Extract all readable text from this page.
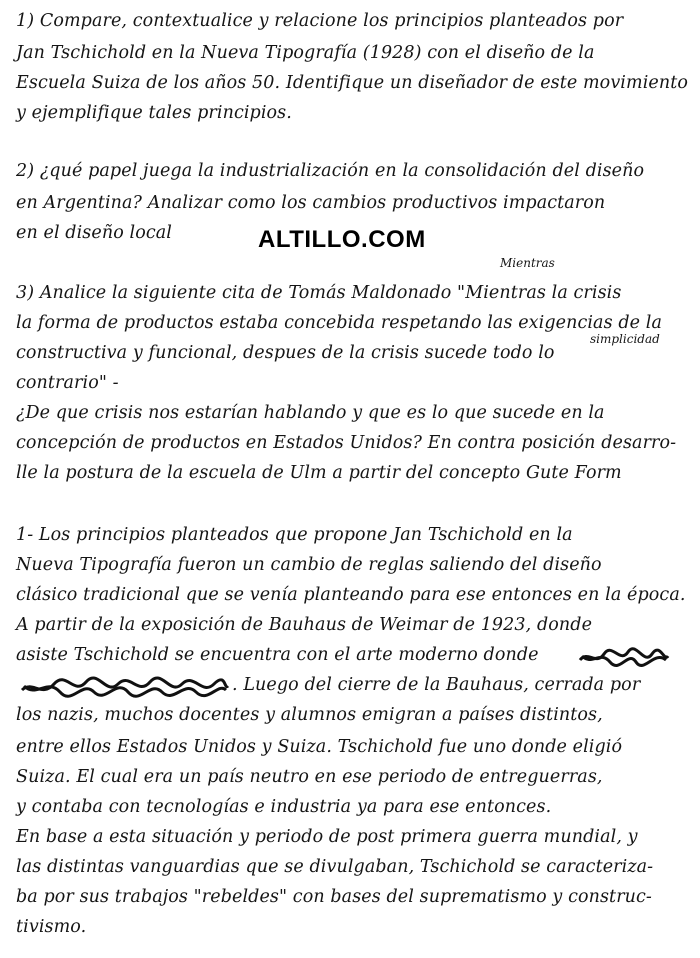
1) Compare, contextualice y relacione los principios planteados por
Jan Tschichold en la Nueva Tipografía (1928) con el diseño de la
Escuela Suiza de los años 50. Identifique un diseñador de este movimiento
y ejemplifique tales principios.
2) ¿qué papel juega la industrialización en la consolidación del diseño
en Argentina? Analizar como los cambios productivos impactaron
en el diseño local	ALTILLO.COM
Mientras
3) Analice la siguiente cita de Tomás Maldonado "Mientras la crisis
simplicidad
la forma de productos estaba concebida respetando las exigencias de la
constructiva y funcional, despues de la crisis sucede todo lo
contrario" -
¿De que crisis nos estarían hablando y que es lo que sucede en la
concepción de productos en Estados Unidos? En contra posición desarro-
lle la postura de la escuela de Ulm a partir del concepto Gute Form
1- Los principios planteados que propone Jan Tschichold en la
Nueva Tipografía fueron un cambio de reglas saliendo del diseño
clásico tradicional que se venía planteando para ese entonces en la época.
A partir de la exposición de Bauhaus de Weimar de 1923, donde
asiste Tschichold se encuentra con el arte moderno donde
. Luego del cierre de la Bauhaus, cerrada por
los nazis, muchos docentes y alumnos emigran a países distintos,
entre ellos Estados Unidos y Suiza. Tschichold fue uno donde eligió
Suiza. El cual era un país neutro en ese periodo de entreguerras,
y contaba con tecnologías e industria ya para ese entonces.
En base a esta situación y periodo de post primera guerra mundial, y
las distintas vanguardias que se divulgaban, Tschichold se caracteriza-
ba por sus trabajos "rebeldes" con bases del suprematismo y construc-
tivismo.
